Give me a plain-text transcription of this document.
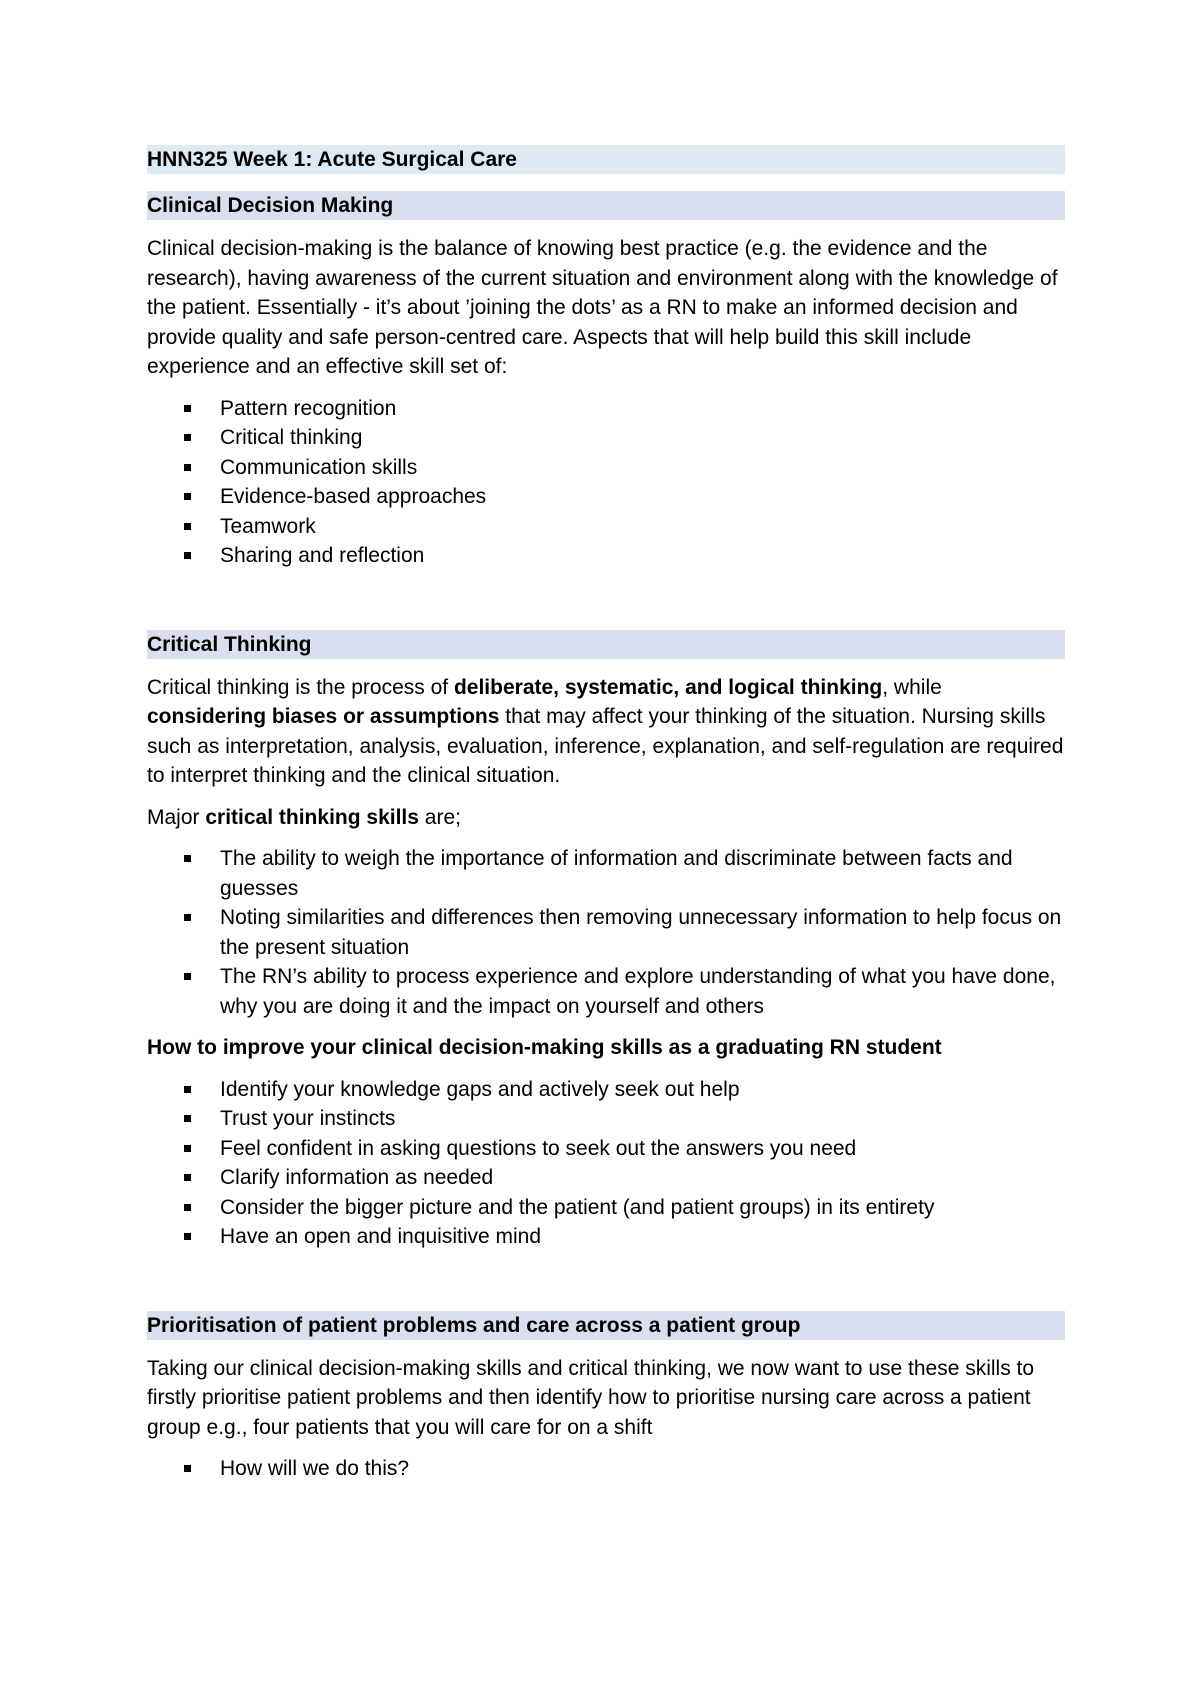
HNN325 Week 1: Acute Surgical Care
Clinical Decision Making

Clinical decision-making is the balance of knowing best practice (e.g. the evidence and the research), having awareness of the current situation and environment along with the knowledge of the patient. Essentially - it’s about ’joining the dots’ as a RN to make an informed decision and provide quality and safe person-centred care. Aspects that will help build this skill include experience and an effective skill set of:

Pattern recognition
Critical thinking
Communication skills
Evidence-based approaches
Teamwork
Sharing and reflection
Critical Thinking

Critical thinking is the process of deliberate, systematic, and logical thinking, while considering biases or assumptions that may affect your thinking of the situation. Nursing skills such as interpretation, analysis, evaluation, inference, explanation, and self-regulation are required to interpret thinking and the clinical situation.

Major critical thinking skills are;

The ability to weigh the importance of information and discriminate between facts and guesses
Noting similarities and differences then removing unnecessary information to help focus on the present situation
The RN’s ability to process experience and explore understanding of what you have done, why you are doing it and the impact on yourself and others

How to improve your clinical decision-making skills as a graduating RN student

Identify your knowledge gaps and actively seek out help
Trust your instincts
Feel confident in asking questions to seek out the answers you need
Clarify information as needed
Consider the bigger picture and the patient (and patient groups) in its entirety
Have an open and inquisitive mind
Prioritisation of patient problems and care across a patient group

Taking our clinical decision-making skills and critical thinking, we now want to use these skills to firstly prioritise patient problems and then identify how to prioritise nursing care across a patient group e.g., four patients that you will care for on a shift

How will we do this?
